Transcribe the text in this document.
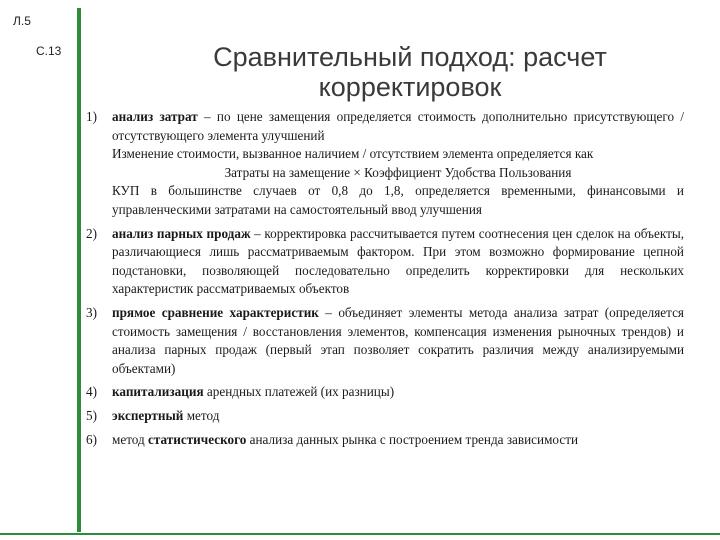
Л.5
С.13	Сравнительный подход: расчет
корректировок
1)	анализ затрат – по цене замещения определяется стоимость дополнительно присутствующего / отсутствующего элемента улучшений
Изменение стоимости, вызванное наличием / отсутствием элемента определяется как
Затраты на замещение × Коэффициент Удобства Пользования
КУП в большинстве случаев от 0,8 до 1,8, определяется временными, финансовыми и управленческими затратами на самостоятельный ввод улучшения
2)	анализ парных продаж – корректировка рассчитывается путем соотнесения цен сделок на объекты, различающиеся лишь рассматриваемым фактором. При этом возможно формирование цепной подстановки, позволяющей последовательно определить корректировки для нескольких характеристик рассматриваемых объектов
3)	прямое сравнение характеристик – объединяет элементы метода анализа затрат (определяется стоимость замещения / восстановления элементов, компенсация изменения рыночных трендов) и анализа парных продаж (первый этап позволяет сократить различия между анализируемыми объектами)
4)	капитализация арендных платежей (их разницы)
5)	экспертный метод
6)	метод статистического анализа данных рынка с построением тренда зависимости
